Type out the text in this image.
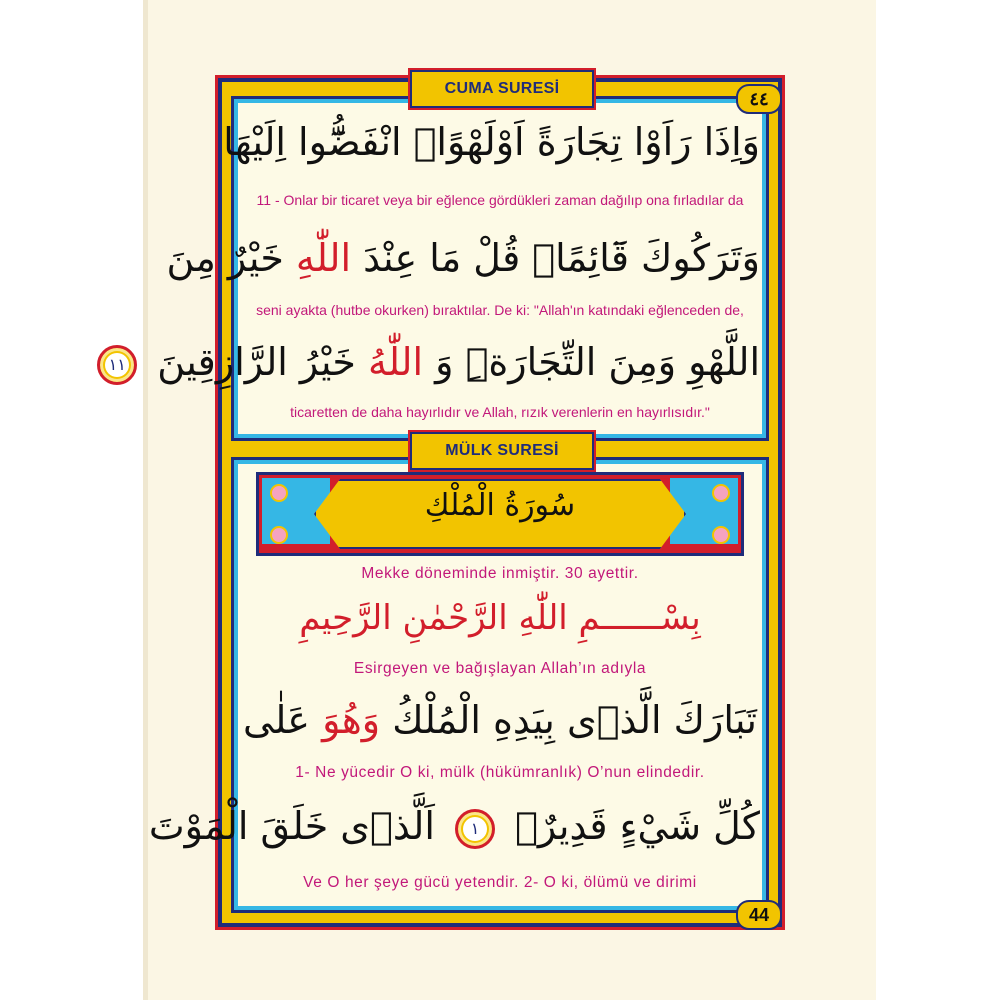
CUMA SURESİ	٤٤
وَاِذَا رَاَوْا تِجَارَةً اَوْلَهْوًاۨ انْفَضُّٓوا اِلَيْهَا
11 - Onlar bir ticaret veya bir eğlence gördükleri zaman dağılıp ona fırladılar da
وَتَرَكُوكَ قَٓائِمًاۜ قُلْ مَا عِنْدَ اللّٰهِ خَيْرٌ مِنَ
seni ayakta (hutbe okurken) bıraktılar. De ki: "Allah'ın katındaki eğlenceden de,
اللَّهْوِ وَمِنَ التِّجَارَةِۜ وَ اللّٰهُ خَيْرُ الرَّازِقِينَ ١١
ticaretten de daha hayırlıdır ve Allah, rızık verenlerin en hayırlısıdır."
MÜLK SURESİ
سُورَةُ الْمُلْكِ
Mekke döneminde inmiştir. 30 ayettir.
بِسْــــــمِ اللّٰهِ الرَّحْمٰنِ الرَّحِيمِ
Esirgeyen ve bağışlayan Allah’ın adıyla
تَبَارَكَ الَّذٖى بِيَدِهِ الْمُلْكُ وَهُوَ عَلٰى
1- Ne yücedir O ki, mülk (hükümranlık) O’nun elindedir.
كُلِّ شَيْءٍ قَدِيرٌۙ ١ اَلَّذٖى خَلَقَ الْمَوْتَ
Ve O her şeye gücü yetendir. 2- O ki, ölümü ve dirimi
44
